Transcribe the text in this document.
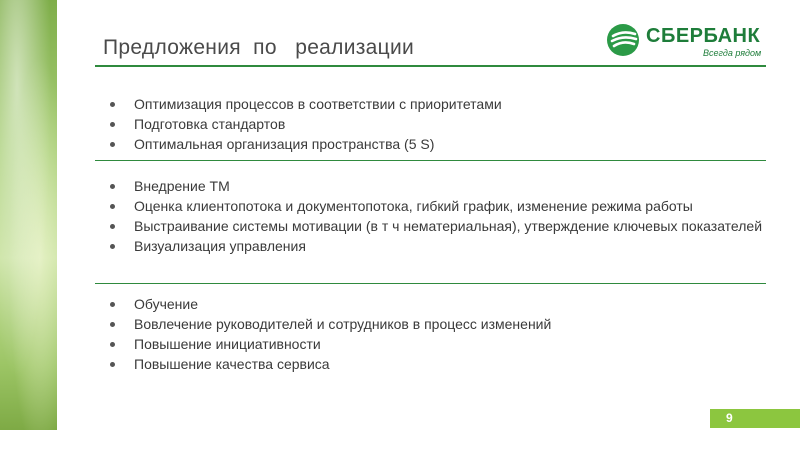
Предложения  по   реализации	СБЕРБАНК
Всегда рядом
Оптимизация процессов в соответствии с приоритетами
Подготовка стандартов
Оптимальная организация пространства (5 S)
Внедрение ТМ
Оценка клиентопотока и документопотока, гибкий график, изменение режима работы
Выстраивание системы мотивации (в т ч нематериальная), утверждение ключевых показателей
Визуализация управления
Обучение
Вовлечение руководителей и сотрудников в процесс изменений
Повышение инициативности
Повышение качества сервиса
9
